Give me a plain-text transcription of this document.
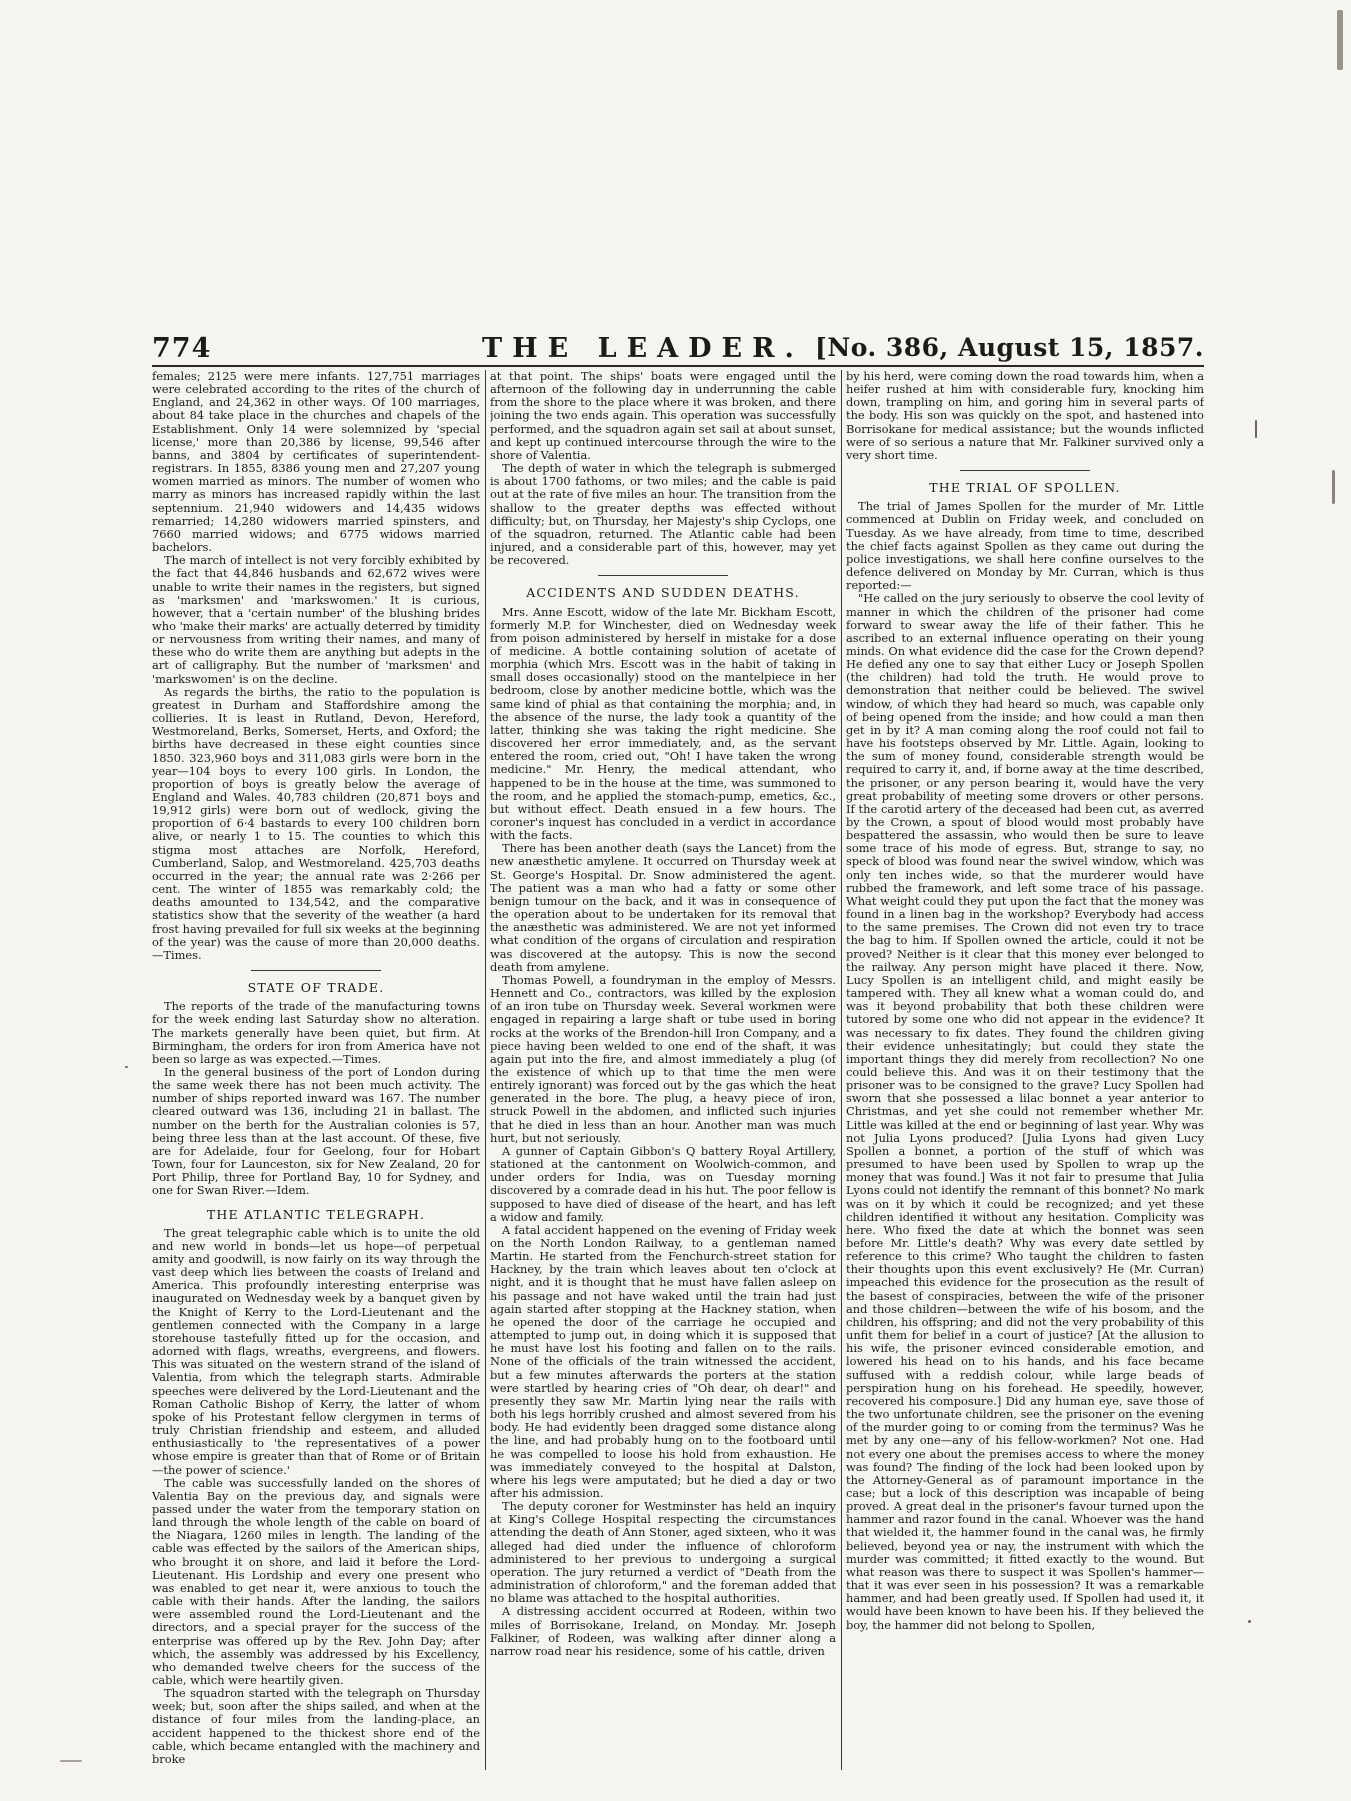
774	THE LEADER. [No. 386, August 15, 1857.

females; 2125 were mere infants. 127,751 marriages were celebrated according to the rites of the church of England, and 24,362 in other ways. Of 100 marriages, about 84 take place in the churches and chapels of the Establishment. Only 14 were solemnized by 'special license,' more than 20,386 by license, 99,546 after banns, and 3804 by certificates of superintendent-registrars. In 1855, 8386 young men and 27,207 young women married as minors. The number of women who marry as minors has increased rapidly within the last septennium. 21,940 widowers and 14,435 widows remarried; 14,280 widowers married spinsters, and 7660 married widows; and 6775 widows married bachelors.

The march of intellect is not very forcibly exhibited by the fact that 44,846 husbands and 62,672 wives were unable to write their names in the registers, but signed as 'marksmen' and 'markswomen.' It is curious, however, that a 'certain number' of the blushing brides who 'make their marks' are actually deterred by timidity or nervousness from writing their names, and many of these who do write them are anything but adepts in the art of calligraphy. But the number of 'marksmen' and 'markswomen' is on the decline.

As regards the births, the ratio to the population is greatest in Durham and Staffordshire among the collieries. It is least in Rutland, Devon, Hereford, Westmoreland, Berks, Somerset, Herts, and Oxford; the births have decreased in these eight counties since 1850. 323,960 boys and 311,083 girls were born in the year—104 boys to every 100 girls. In London, the proportion of boys is greatly below the average of England and Wales. 40,783 children (20,871 boys and 19,912 girls) were born out of wedlock, giving the proportion of 6·4 bastards to every 100 children born alive, or nearly 1 to 15. The counties to which this stigma most attaches are Norfolk, Hereford, Cumberland, Salop, and Westmoreland. 425,703 deaths occurred in the year; the annual rate was 2·266 per cent. The winter of 1855 was remarkably cold; the deaths amounted to 134,542, and the comparative statistics show that the severity of the weather (a hard frost having prevailed for full six weeks at the beginning of the year) was the cause of more than 20,000 deaths.—Times.

STATE OF TRADE.

The reports of the trade of the manufacturing towns for the week ending last Saturday show no alteration. The markets generally have been quiet, but firm. At Birmingham, the orders for iron from America have not been so large as was expected.—Times.

In the general business of the port of London during the same week there has not been much activity. The number of ships reported inward was 167. The number cleared outward was 136, including 21 in ballast. The number on the berth for the Australian colonies is 57, being three less than at the last account. Of these, five are for Adelaide, four for Geelong, four for Hobart Town, four for Launceston, six for New Zealand, 20 for Port Philip, three for Portland Bay, 10 for Sydney, and one for Swan River.—Idem.

THE ATLANTIC TELEGRAPH.

The great telegraphic cable which is to unite the old and new world in bonds—let us hope—of perpetual amity and goodwill, is now fairly on its way through the vast deep which lies between the coasts of Ireland and America. This profoundly interesting enterprise was inaugurated on Wednesday week by a banquet given by the Knight of Kerry to the Lord-Lieutenant and the gentlemen connected with the Company in a large storehouse tastefully fitted up for the occasion, and adorned with flags, wreaths, evergreens, and flowers. This was situated on the western strand of the island of Valentia, from which the telegraph starts. Admirable speeches were delivered by the Lord-Lieutenant and the Roman Catholic Bishop of Kerry, the latter of whom spoke of his Protestant fellow clergymen in terms of truly Christian friendship and esteem, and alluded enthusiastically to 'the representatives of a power whose empire is greater than that of Rome or of Britain—the power of science.'

The cable was successfully landed on the shores of Valentia Bay on the previous day, and signals were passed under the water from the temporary station on land through the whole length of the cable on board of the Niagara, 1260 miles in length. The landing of the cable was effected by the sailors of the American ships, who brought it on shore, and laid it before the Lord-Lieutenant. His Lordship and every one present who was enabled to get near it, were anxious to touch the cable with their hands. After the landing, the sailors were assembled round the Lord-Lieutenant and the directors, and a special prayer for the success of the enterprise was offered up by the Rev. John Day; after which, the assembly was addressed by his Excellency, who demanded twelve cheers for the success of the cable, which were heartily given.

The squadron started with the telegraph on Thursday week; but, soon after the ships sailed, and when at the distance of four miles from the landing-place, an accident happened to the thickest shore end of the cable, which became entangled with the machinery and broke

at that point. The ships' boats were engaged until the afternoon of the following day in underrunning the cable from the shore to the place where it was broken, and there joining the two ends again. This operation was successfully performed, and the squadron again set sail at about sunset, and kept up continued intercourse through the wire to the shore of Valentia.

The depth of water in which the telegraph is submerged is about 1700 fathoms, or two miles; and the cable is paid out at the rate of five miles an hour. The transition from the shallow to the greater depths was effected without difficulty; but, on Thursday, her Majesty's ship Cyclops, one of the squadron, returned. The Atlantic cable had been injured, and a considerable part of this, however, may yet be recovered.

ACCIDENTS AND SUDDEN DEATHS.

Mrs. Anne Escott, widow of the late Mr. Bickham Escott, formerly M.P. for Winchester, died on Wednesday week from poison administered by herself in mistake for a dose of medicine. A bottle containing solution of acetate of morphia (which Mrs. Escott was in the habit of taking in small doses occasionally) stood on the mantelpiece in her bedroom, close by another medicine bottle, which was the same kind of phial as that containing the morphia; and, in the absence of the nurse, the lady took a quantity of the latter, thinking she was taking the right medicine. She discovered her error immediately, and, as the servant entered the room, cried out, "Oh! I have taken the wrong medicine." Mr. Henry, the medical attendant, who happened to be in the house at the time, was summoned to the room, and he applied the stomach-pump, emetics, &c., but without effect. Death ensued in a few hours. The coroner's inquest has concluded in a verdict in accordance with the facts.

There has been another death (says the Lancet) from the new anæsthetic amylene. It occurred on Thursday week at St. George's Hospital. Dr. Snow administered the agent. The patient was a man who had a fatty or some other benign tumour on the back, and it was in consequence of the operation about to be undertaken for its removal that the anæsthetic was administered. We are not yet informed what condition of the organs of circulation and respiration was discovered at the autopsy. This is now the second death from amylene.

Thomas Powell, a foundryman in the employ of Messrs. Hennett and Co., contractors, was killed by the explosion of an iron tube on Thursday week. Several workmen were engaged in repairing a large shaft or tube used in boring rocks at the works of the Brendon-hill Iron Company, and a piece having been welded to one end of the shaft, it was again put into the fire, and almost immediately a plug (of the existence of which up to that time the men were entirely ignorant) was forced out by the gas which the heat generated in the bore. The plug, a heavy piece of iron, struck Powell in the abdomen, and inflicted such injuries that he died in less than an hour. Another man was much hurt, but not seriously.

A gunner of Captain Gibbon's Q battery Royal Artillery, stationed at the cantonment on Woolwich-common, and under orders for India, was on Tuesday morning discovered by a comrade dead in his hut. The poor fellow is supposed to have died of disease of the heart, and has left a widow and family.

A fatal accident happened on the evening of Friday week on the North London Railway, to a gentleman named Martin. He started from the Fenchurch-street station for Hackney, by the train which leaves about ten o'clock at night, and it is thought that he must have fallen asleep on his passage and not have waked until the train had just again started after stopping at the Hackney station, when he opened the door of the carriage he occupied and attempted to jump out, in doing which it is supposed that he must have lost his footing and fallen on to the rails. None of the officials of the train witnessed the accident, but a few minutes afterwards the porters at the station were startled by hearing cries of "Oh dear, oh dear!" and presently they saw Mr. Martin lying near the rails with both his legs horribly crushed and almost severed from his body. He had evidently been dragged some distance along the line, and had probably hung on to the footboard until he was compelled to loose his hold from exhaustion. He was immediately conveyed to the hospital at Dalston, where his legs were amputated; but he died a day or two after his admission.

The deputy coroner for Westminster has held an inquiry at King's College Hospital respecting the circumstances attending the death of Ann Stoner, aged sixteen, who it was alleged had died under the influence of chloroform administered to her previous to undergoing a surgical operation. The jury returned a verdict of "Death from the administration of chloroform," and the foreman added that no blame was attached to the hospital authorities.

A distressing accident occurred at Rodeen, within two miles of Borrisokane, Ireland, on Monday. Mr. Joseph Falkiner, of Rodeen, was walking after dinner along a narrow road near his residence, some of his cattle, driven

by his herd, were coming down the road towards him, when a heifer rushed at him with considerable fury, knocking him down, trampling on him, and goring him in several parts of the body. His son was quickly on the spot, and hastened into Borrisokane for medical assistance; but the wounds inflicted were of so serious a nature that Mr. Falkiner survived only a very short time.

THE TRIAL OF SPOLLEN.

The trial of James Spollen for the murder of Mr. Little commenced at Dublin on Friday week, and concluded on Tuesday. As we have already, from time to time, described the chief facts against Spollen as they came out during the police investigations, we shall here confine ourselves to the defence delivered on Monday by Mr. Curran, which is thus reported:—

"He called on the jury seriously to observe the cool levity of manner in which the children of the prisoner had come forward to swear away the life of their father. This he ascribed to an external influence operating on their young minds. On what evidence did the case for the Crown depend? He defied any one to say that either Lucy or Joseph Spollen (the children) had told the truth. He would prove to demonstration that neither could be believed. The swivel window, of which they had heard so much, was capable only of being opened from the inside; and how could a man then get in by it? A man coming along the roof could not fail to have his footsteps observed by Mr. Little. Again, looking to the sum of money found, considerable strength would be required to carry it, and, if borne away at the time described, the prisoner, or any person bearing it, would have the very great probability of meeting some drovers or other persons. If the carotid artery of the deceased had been cut, as averred by the Crown, a spout of blood would most probably have bespattered the assassin, who would then be sure to leave some trace of his mode of egress. But, strange to say, no speck of blood was found near the swivel window, which was only ten inches wide, so that the murderer would have rubbed the framework, and left some trace of his passage. What weight could they put upon the fact that the money was found in a linen bag in the workshop? Everybody had access to the same premises. The Crown did not even try to trace the bag to him. If Spollen owned the article, could it not be proved? Neither is it clear that this money ever belonged to the railway. Any person might have placed it there. Now, Lucy Spollen is an intelligent child, and might easily be tampered with. They all knew what a woman could do, and was it beyond probability that both these children were tutored by some one who did not appear in the evidence? It was necessary to fix dates. They found the children giving their evidence unhesitatingly; but could they state the important things they did merely from recollection? No one could believe this. And was it on their testimony that the prisoner was to be consigned to the grave? Lucy Spollen had sworn that she possessed a lilac bonnet a year anterior to Christmas, and yet she could not remember whether Mr. Little was killed at the end or beginning of last year. Why was not Julia Lyons produced? [Julia Lyons had given Lucy Spollen a bonnet, a portion of the stuff of which was presumed to have been used by Spollen to wrap up the money that was found.] Was it not fair to presume that Julia Lyons could not identify the remnant of this bonnet? No mark was on it by which it could be recognized; and yet these children identified it without any hesitation. Complicity was here. Who fixed the date at which the bonnet was seen before Mr. Little's death? Why was every date settled by reference to this crime? Who taught the children to fasten their thoughts upon this event exclusively? He (Mr. Curran) impeached this evidence for the prosecution as the result of the basest of conspiracies, between the wife of the prisoner and those children—between the wife of his bosom, and the children, his offspring; and did not the very probability of this unfit them for belief in a court of justice? [At the allusion to his wife, the prisoner evinced considerable emotion, and lowered his head on to his hands, and his face became suffused with a reddish colour, while large beads of perspiration hung on his forehead. He speedily, however, recovered his composure.] Did any human eye, save those of the two unfortunate children, see the prisoner on the evening of the murder going to or coming from the terminus? Was he met by any one—any of his fellow-workmen? Not one. Had not every one about the premises access to where the money was found? The finding of the lock had been looked upon by the Attorney-General as of paramount importance in the case; but a lock of this description was incapable of being proved. A great deal in the prisoner's favour turned upon the hammer and razor found in the canal. Whoever was the hand that wielded it, the hammer found in the canal was, he firmly believed, beyond yea or nay, the instrument with which the murder was committed; it fitted exactly to the wound. But what reason was there to suspect it was Spollen's hammer—that it was ever seen in his possession? It was a remarkable hammer, and had been greatly used. If Spollen had used it, it would have been known to have been his. If they believed the boy, the hammer did not belong to Spollen,
